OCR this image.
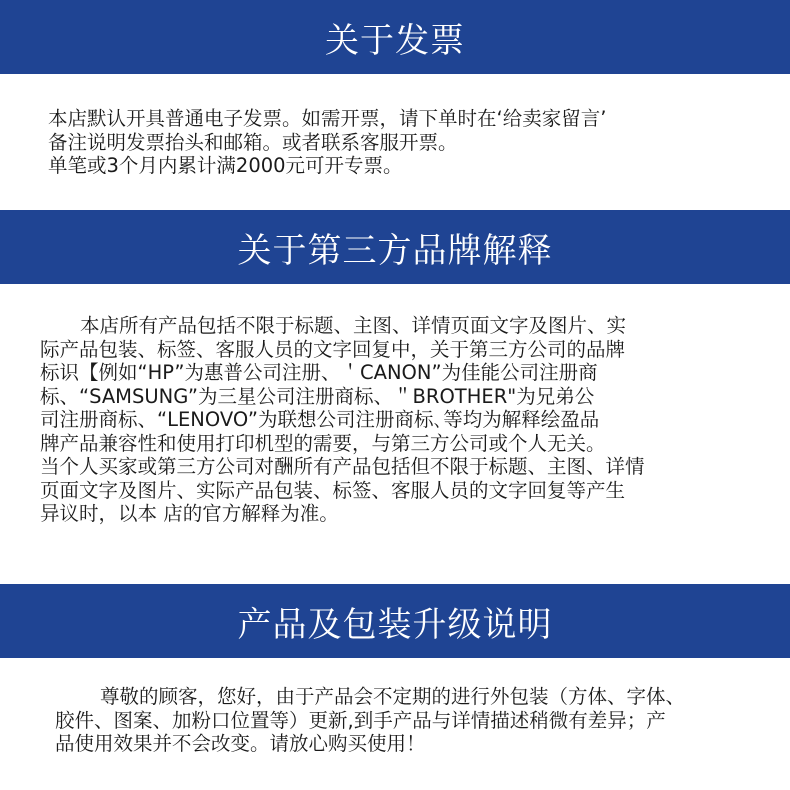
关于发票
本店默认开具普通电子发票。如需开票，请下单时在‘给卖家留言’
备注说明发票抬头和邮箱。或者联系客服开票。
单笔或3个月内累计满2000元可开专票。
关于第三方品牌解释
本店所有产品包括不限于标题、主图、详情页面文字及图片、实
际产品包装、标签、客服人员的文字回复中，关于第三方公司的品牌
标识【例如“HP”为惠普公司注册、＇CANON”为佳能公司注册商
标、“SAMSUNG”为三星公司注册商标、＂BROTHER"为兄弟公
司注册商标、“LENOVO”为联想公司注册商标､等均为解释绘盈品
牌产品兼容性和使用打印机型的需要，与第三方公司或个人无关。
当个人买家或第三方公司对酬所有产品包括但不限于标题、主图、详情
页面文字及图片、实际产品包装、标签、客服人员的文字回复等产生
异议时，以本 店的官方解释为准。
产品及包装升级说明
尊敬的顾客，您好，由于产品会不定期的进行外包装（方体、字体、
胶件、图案、加粉口位置等）更新,到手产品与详情描述稍微有差异；产
品使用效果并不会改变。请放心购买使用！
